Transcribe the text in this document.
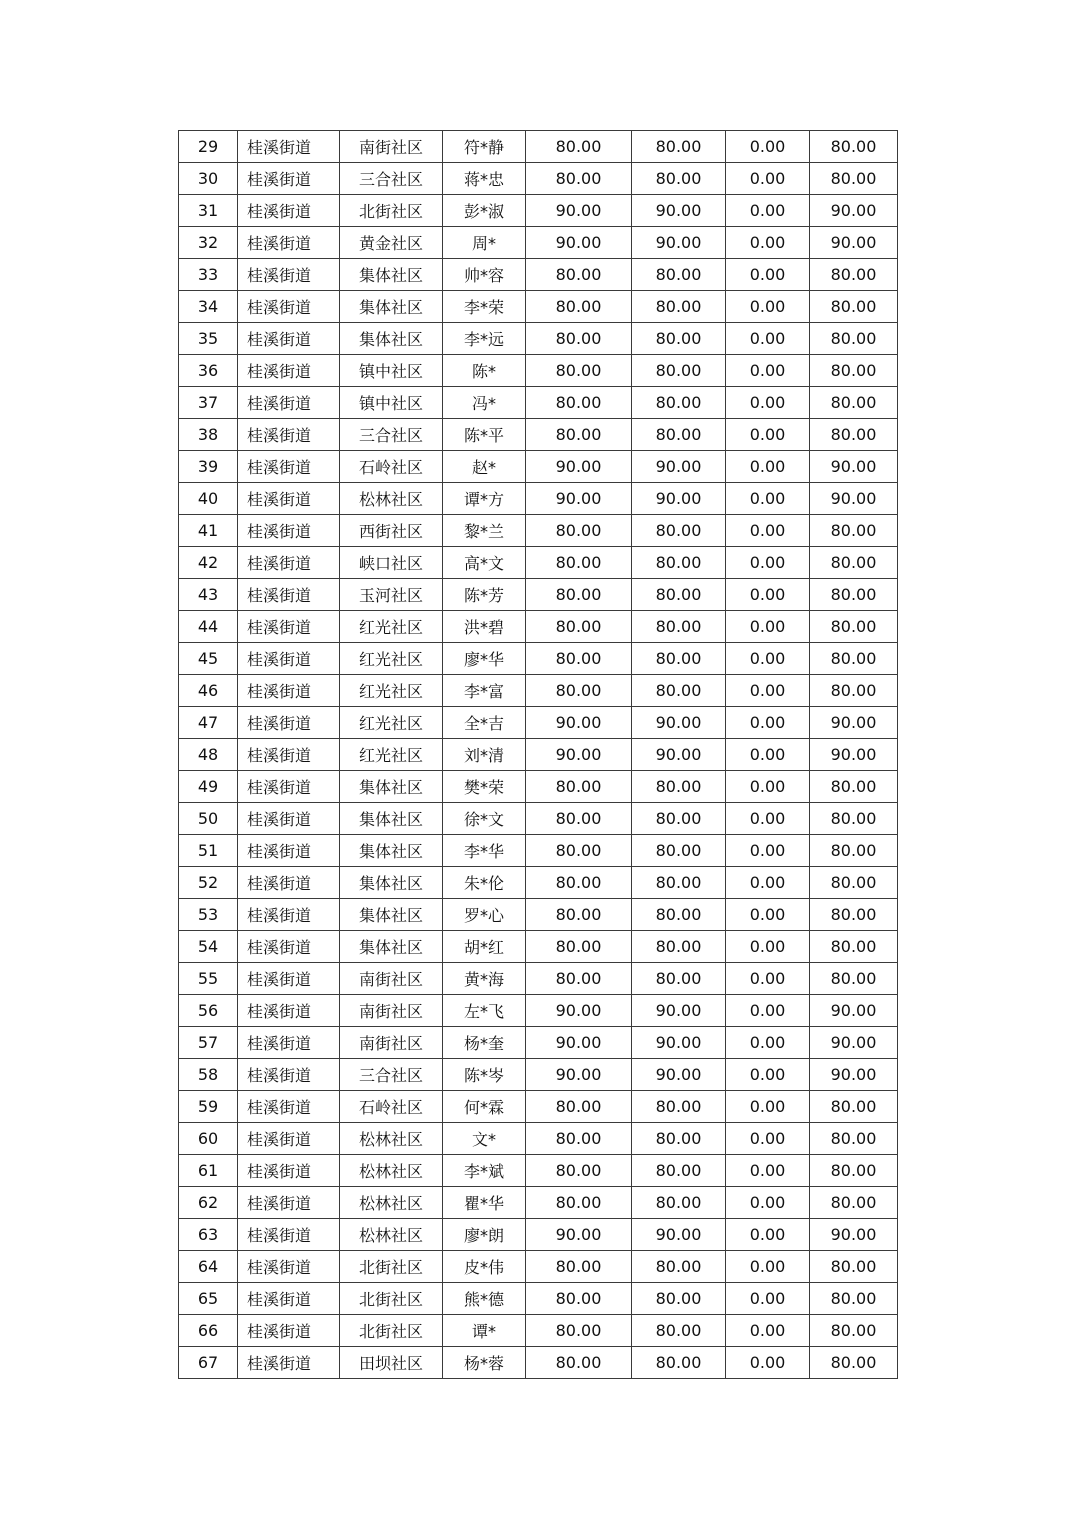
29	桂溪街道	南街社区	符*静	80.00	80.00	0.00	80.00
30	桂溪街道	三合社区	蒋*忠	80.00	80.00	0.00	80.00
31	桂溪街道	北街社区	彭*淑	90.00	90.00	0.00	90.00
32	桂溪街道	黄金社区	周*	90.00	90.00	0.00	90.00
33	桂溪街道	集体社区	帅*容	80.00	80.00	0.00	80.00
34	桂溪街道	集体社区	李*荣	80.00	80.00	0.00	80.00
35	桂溪街道	集体社区	李*远	80.00	80.00	0.00	80.00
36	桂溪街道	镇中社区	陈*	80.00	80.00	0.00	80.00
37	桂溪街道	镇中社区	冯*	80.00	80.00	0.00	80.00
38	桂溪街道	三合社区	陈*平	80.00	80.00	0.00	80.00
39	桂溪街道	石岭社区	赵*	90.00	90.00	0.00	90.00
40	桂溪街道	松林社区	谭*方	90.00	90.00	0.00	90.00
41	桂溪街道	西街社区	黎*兰	80.00	80.00	0.00	80.00
42	桂溪街道	峡口社区	高*文	80.00	80.00	0.00	80.00
43	桂溪街道	玉河社区	陈*芳	80.00	80.00	0.00	80.00
44	桂溪街道	红光社区	洪*碧	80.00	80.00	0.00	80.00
45	桂溪街道	红光社区	廖*华	80.00	80.00	0.00	80.00
46	桂溪街道	红光社区	李*富	80.00	80.00	0.00	80.00
47	桂溪街道	红光社区	全*吉	90.00	90.00	0.00	90.00
48	桂溪街道	红光社区	刘*清	90.00	90.00	0.00	90.00
49	桂溪街道	集体社区	樊*荣	80.00	80.00	0.00	80.00
50	桂溪街道	集体社区	徐*文	80.00	80.00	0.00	80.00
51	桂溪街道	集体社区	李*华	80.00	80.00	0.00	80.00
52	桂溪街道	集体社区	朱*伦	80.00	80.00	0.00	80.00
53	桂溪街道	集体社区	罗*心	80.00	80.00	0.00	80.00
54	桂溪街道	集体社区	胡*红	80.00	80.00	0.00	80.00
55	桂溪街道	南街社区	黄*海	80.00	80.00	0.00	80.00
56	桂溪街道	南街社区	左*飞	90.00	90.00	0.00	90.00
57	桂溪街道	南街社区	杨*奎	90.00	90.00	0.00	90.00
58	桂溪街道	三合社区	陈*岑	90.00	90.00	0.00	90.00
59	桂溪街道	石岭社区	何*霖	80.00	80.00	0.00	80.00
60	桂溪街道	松林社区	文*	80.00	80.00	0.00	80.00
61	桂溪街道	松林社区	李*斌	80.00	80.00	0.00	80.00
62	桂溪街道	松林社区	瞿*华	80.00	80.00	0.00	80.00
63	桂溪街道	松林社区	廖*朗	90.00	90.00	0.00	90.00
64	桂溪街道	北街社区	皮*伟	80.00	80.00	0.00	80.00
65	桂溪街道	北街社区	熊*德	80.00	80.00	0.00	80.00
66	桂溪街道	北街社区	谭*	80.00	80.00	0.00	80.00
67	桂溪街道	田坝社区	杨*蓉	80.00	80.00	0.00	80.00
